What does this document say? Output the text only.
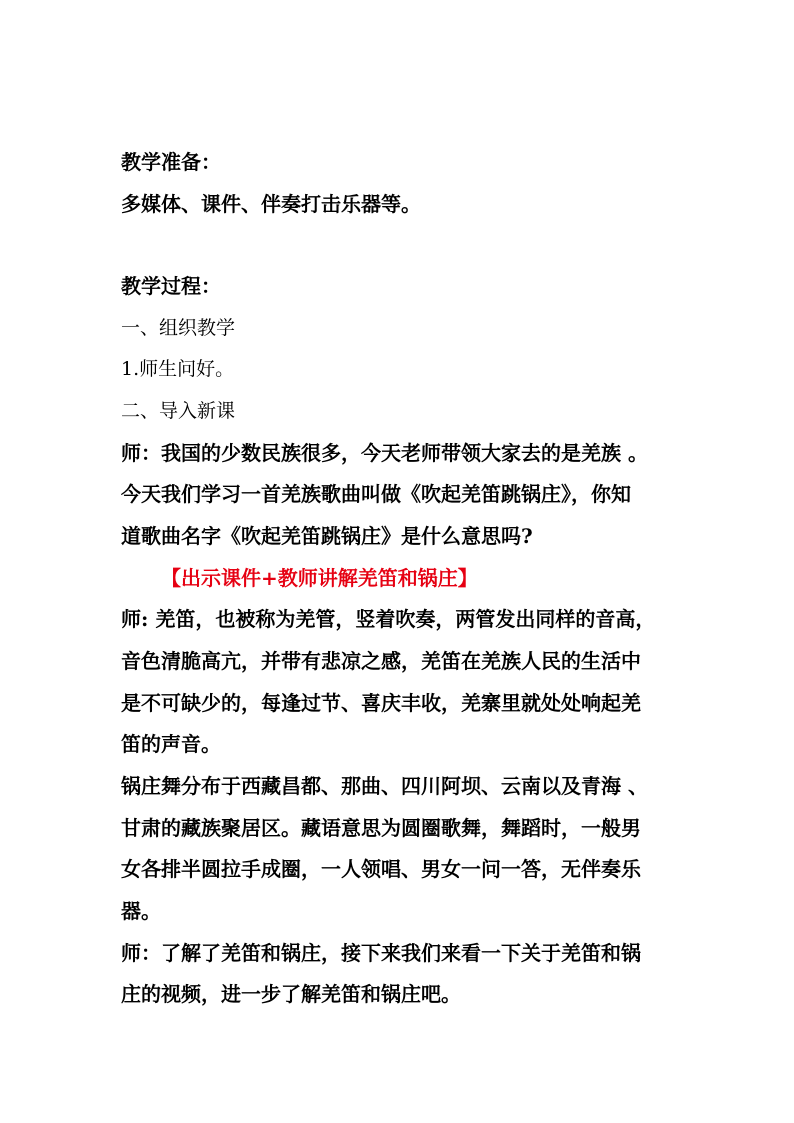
教学准备：
多媒体、课件、伴奏打击乐器等。
教学过程：
一、组织教学
1.师生问好。
二、导入新课
师：我国的少数民族很多，今天老师带领大家去的是羌族 。
今天我们学习一首羌族歌曲叫做《吹起羌笛跳锅庄》，你知
道歌曲名字《吹起羌笛跳锅庄》是什么意思吗?
【出示课件+教师讲解羌笛和锅庄】
师: 羌笛，也被称为羌管，竖着吹奏，两管发出同样的音高，
音色清脆高亢，并带有悲凉之感，羌笛在羌族人民的生活中
是不可缺少的，每逢过节、喜庆丰收，羌寨里就处处响起羌
笛的声音。
锅庄舞分布于西藏昌都、那曲、四川阿坝、云南以及青海 、
甘肃的藏族聚居区。藏语意思为圆圈歌舞，舞蹈时，一般男
女各排半圆拉手成圈，一人领唱、男女一问一答，无伴奏乐
器。
师：了解了羌笛和锅庄，接下来我们来看一下关于羌笛和锅
庄的视频，进一步了解羌笛和锅庄吧。
